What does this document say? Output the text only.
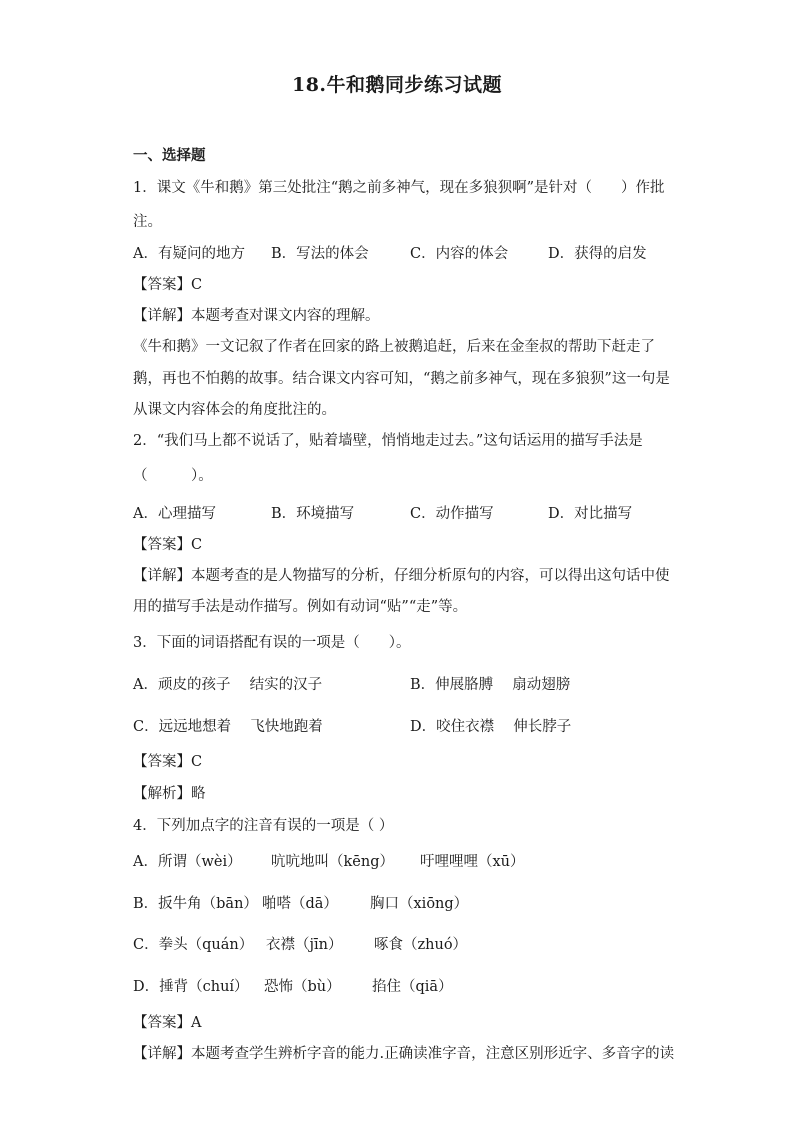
18.牛和鹅同步练习试题
一、选择题
1．课文《牛和鹅》第三处批注“鹅之前多神气，现在多狼狈啊”是针对（　　）作批
注。
A．有疑问的地方 B．写法的体会	C．内容的体会	D．获得的启发
【答案】C
【详解】本题考查对课文内容的理解。
《牛和鹅》一文记叙了作者在回家的路上被鹅追赶，后来在金奎叔的帮助下赶走了
鹅，再也不怕鹅的故事。结合课文内容可知，“鹅之前多神气，现在多狼狈”这一句是
从课文内容体会的角度批注的。
2．“我们马上都不说话了，贴着墙壁，悄悄地走过去。”这句话运用的描写手法是
（　　　）。
A．心理描写	B．环境描写	C．动作描写	D．对比描写
【答案】C
【详解】本题考查的是人物描写的分析，仔细分析原句的内容，可以得出这句话中使
用的描写手法是动作描写。例如有动词“贴”“走”等。
3．下面的词语搭配有误的一项是（　　）。
A．顽皮的孩子　 结实的汉子	B．伸展胳膊　 扇动翅膀
C．远远地想着　 飞快地跑着	D．咬住衣襟　 伸长脖子
【答案】C
【解析】略
4．下列加点字的注音有误的一项是（ ）
A．所谓（wèi） 吭吭地叫（kēng） 吁哩哩哩（xū）
B．扳牛角（bān） 啪嗒（dā） 胸口（xiōng）
C．拳头（quán） 衣襟（jīn） 啄食（zhuó）
D．捶背（chuí） 恐怖（bù） 掐住（qiā）
【答案】A
【详解】本题考查学生辨析字音的能力.正确读准字音，注意区别形近字、多音字的读
